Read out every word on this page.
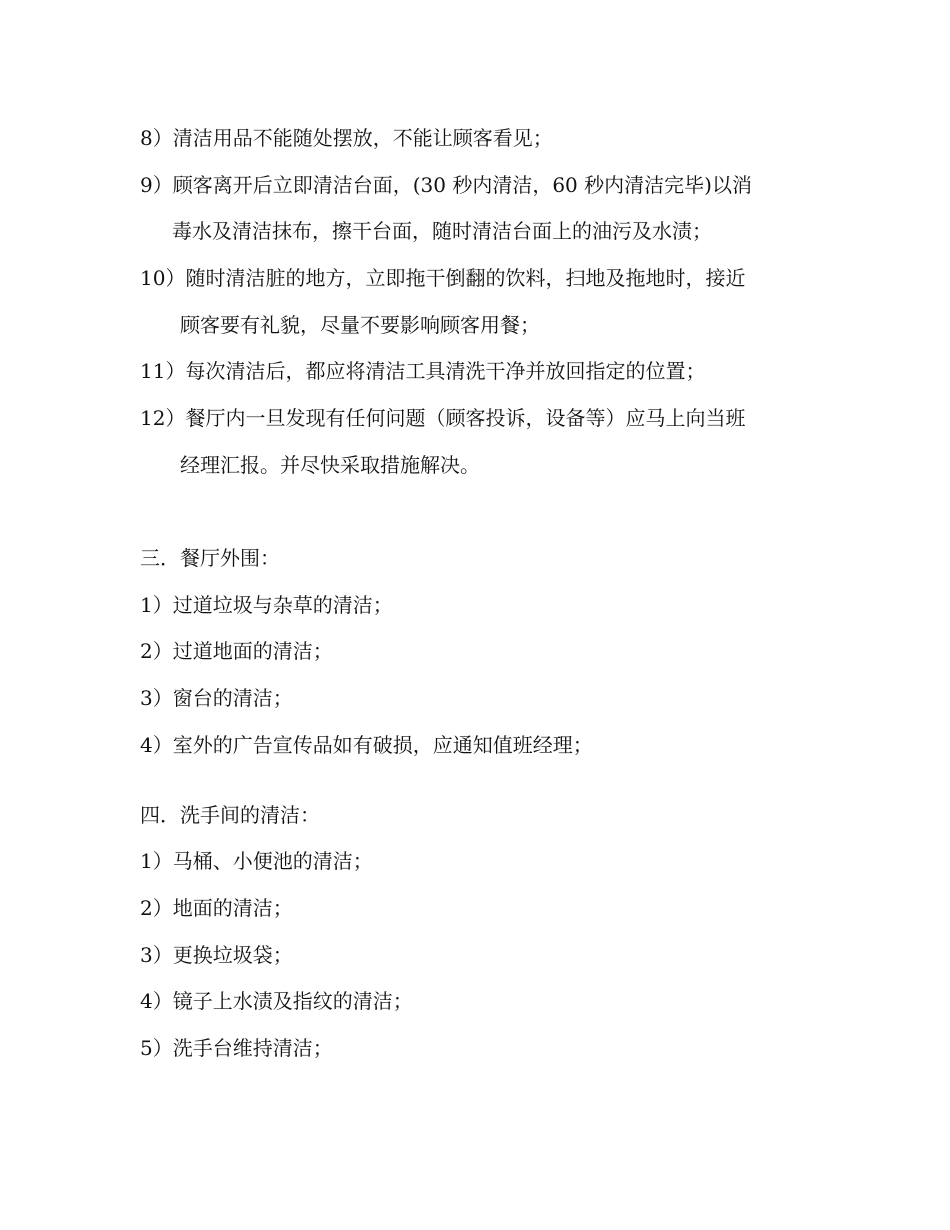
8）清洁用品不能随处摆放，不能让顾客看见；
9）顾客离开后立即清洁台面，(30 秒内清洁，60 秒内清洁完毕)以消
毒水及清洁抹布，擦干台面，随时清洁台面上的油污及水渍；
10）随时清洁脏的地方，立即拖干倒翻的饮料，扫地及拖地时，接近
顾客要有礼貌，尽量不要影响顾客用餐；
11）每次清洁后，都应将清洁工具清洗干净并放回指定的位置；
12）餐厅内一旦发现有任何问题（顾客投诉，设备等）应马上向当班
经理汇报。并尽快采取措施解决。
三．餐厅外围：
1）过道垃圾与杂草的清洁；
2）过道地面的清洁；
3）窗台的清洁；
4）室外的广告宣传品如有破损，应通知值班经理；
四．洗手间的清洁：
1）马桶、小便池的清洁；
2）地面的清洁；
3）更换垃圾袋；
4）镜子上水渍及指纹的清洁；
5）洗手台维持清洁；
